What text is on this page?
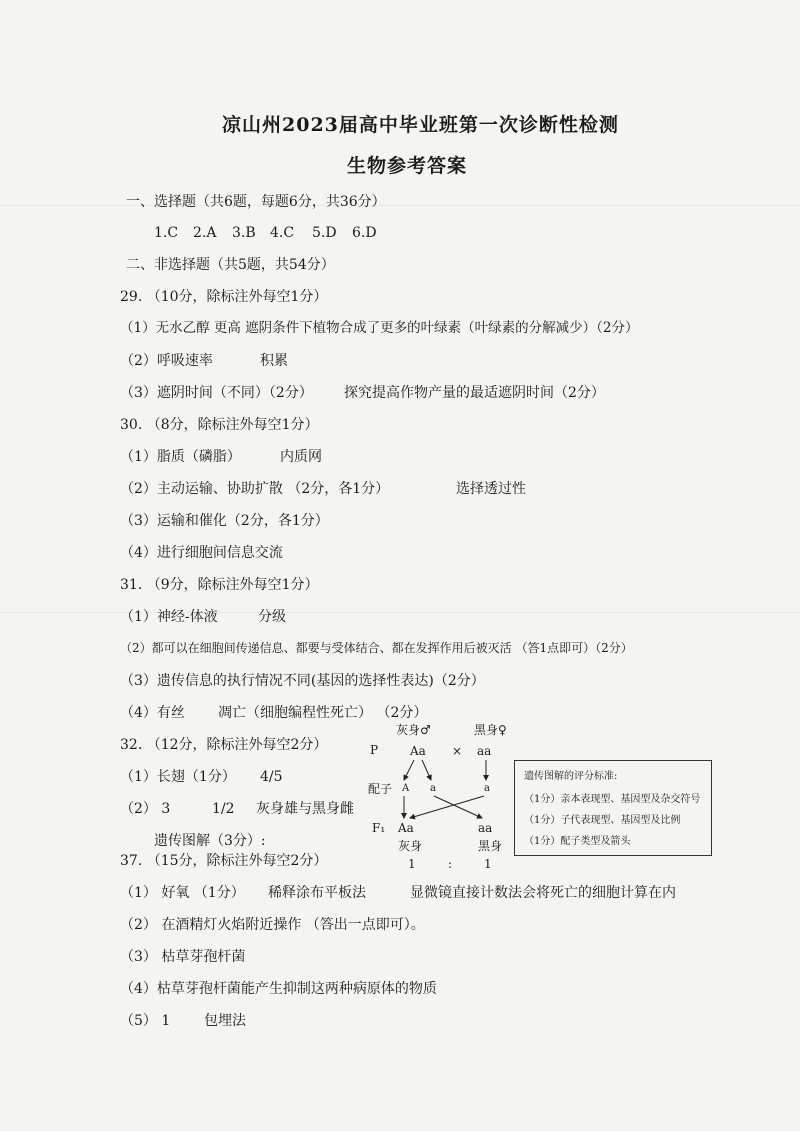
凉山州2023届高中毕业班第一次诊断性检测
生物参考答案
一、选择题（共6题，每题6分，共36分）
1.C 2.A 3.B 4.C 5.D 6.D
二、非选择题（共5题，共54分）
29. （10分，除标注外每空1分）
（1）无水乙醇 更高 遮阴条件下植物合成了更多的叶绿素（叶绿素的分解减少）（2分）
（2）呼吸速率	积累
（3）遮阴时间（不同）（2分） 探究提高作物产量的最适遮阴时间（2分）
30. （8分，除标注外每空1分）
（1）脂质（磷脂）	内质网
（2）主动运输、协助扩散 （2分，各1分）	选择透过性
（3）运输和催化（2分，各1分）
（4）进行细胞间信息交流
31. （9分，除标注外每空1分）
（1）神经-体液	分级
（2）都可以在细胞间传递信息、都要与受体结合、都在发挥作用后被灭活 （答1点即可）（2分）
（3）遗传信息的执行情况不同(基因的选择性表达)（2分）
（4）有丝 凋亡（细胞编程性死亡） （2分）
32. （12分，除标注外每空2分）
（1）长翅（1分） 4/5
（2） 3	1/2 灰身雄与黑身雌
遗传图解（3分）:
灰身♂	黑身♀
P	Aa × aa
配子 A a	a
F₁ Aa	aa
灰身	黑身
1	:	1
遗传图解的评分标准:
（1分）亲本表现型、基因型及杂交符号
（1分）子代表现型、基因型及比例
（1分）配子类型及箭头
37. （15分，除标注外每空2分）
（1） 好氧 （1分） 稀释涂布平板法	显微镜直接计数法会将死亡的细胞计算在内
（2） 在酒精灯火焰附近操作 （答出一点即可）。
（3） 枯草芽孢杆菌
（4）枯草芽孢杆菌能产生抑制这两种病原体的物质
（5） 1 包埋法
